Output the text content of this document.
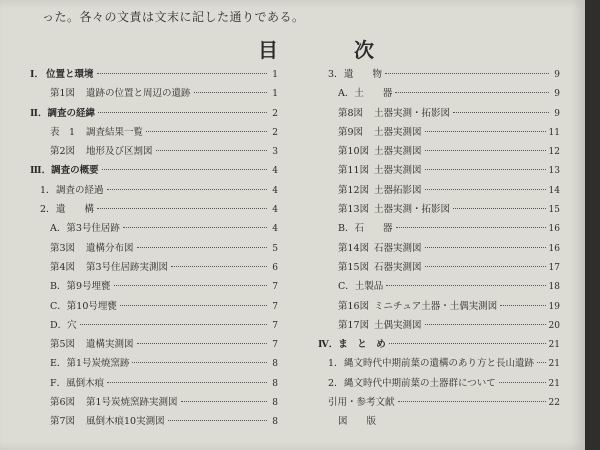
った。各々の文責は文末に記した通りである。
目　次
Ⅰ． 位置と環境	1
第1図 遺跡の位置と周辺の遺跡	1
Ⅱ．調査の経緯	2
表　1 調査結果一覧	2
第2図 地形及び区割図	3
Ⅲ．調査の概要	4
1．調査の経過	4
2．遺　　構	4
A．第3号住居跡	4
第3図 遺構分布図	5
第4図 第3号住居跡実測図	6
B．第9号埋甕	7
C．第10号埋甕	7
D．穴	7
第5図 遺構実測図	7
E．第1号炭焼窯跡	8
F．風倒木痕	8
第6図 第1号炭焼窯跡実測図	8
第7図 風倒木痕10実測図	8
3．遺　　物	9
A．土　　器	9
第8図 土器実測・拓影図	9
第9図 土器実測図	11
第10図 土器実測図	12
第11図 土器実測図	13
第12図 土器拓影図	14
第13図 土器実測・拓影図	15
B．石　　器	16
第14図 石器実測図	16
第15図 石器実測図	17
C．土製品	18
第16図 ミニチュア土器・土偶実測図	19
第17図 土偶実測図	20
Ⅳ．ま　と　め	21
1．縄文時代中期前葉の遺構のあり方と長山遺跡 21
2．縄文時代中期前葉の土器群について	21
引用・参考文献	22
図　　版
